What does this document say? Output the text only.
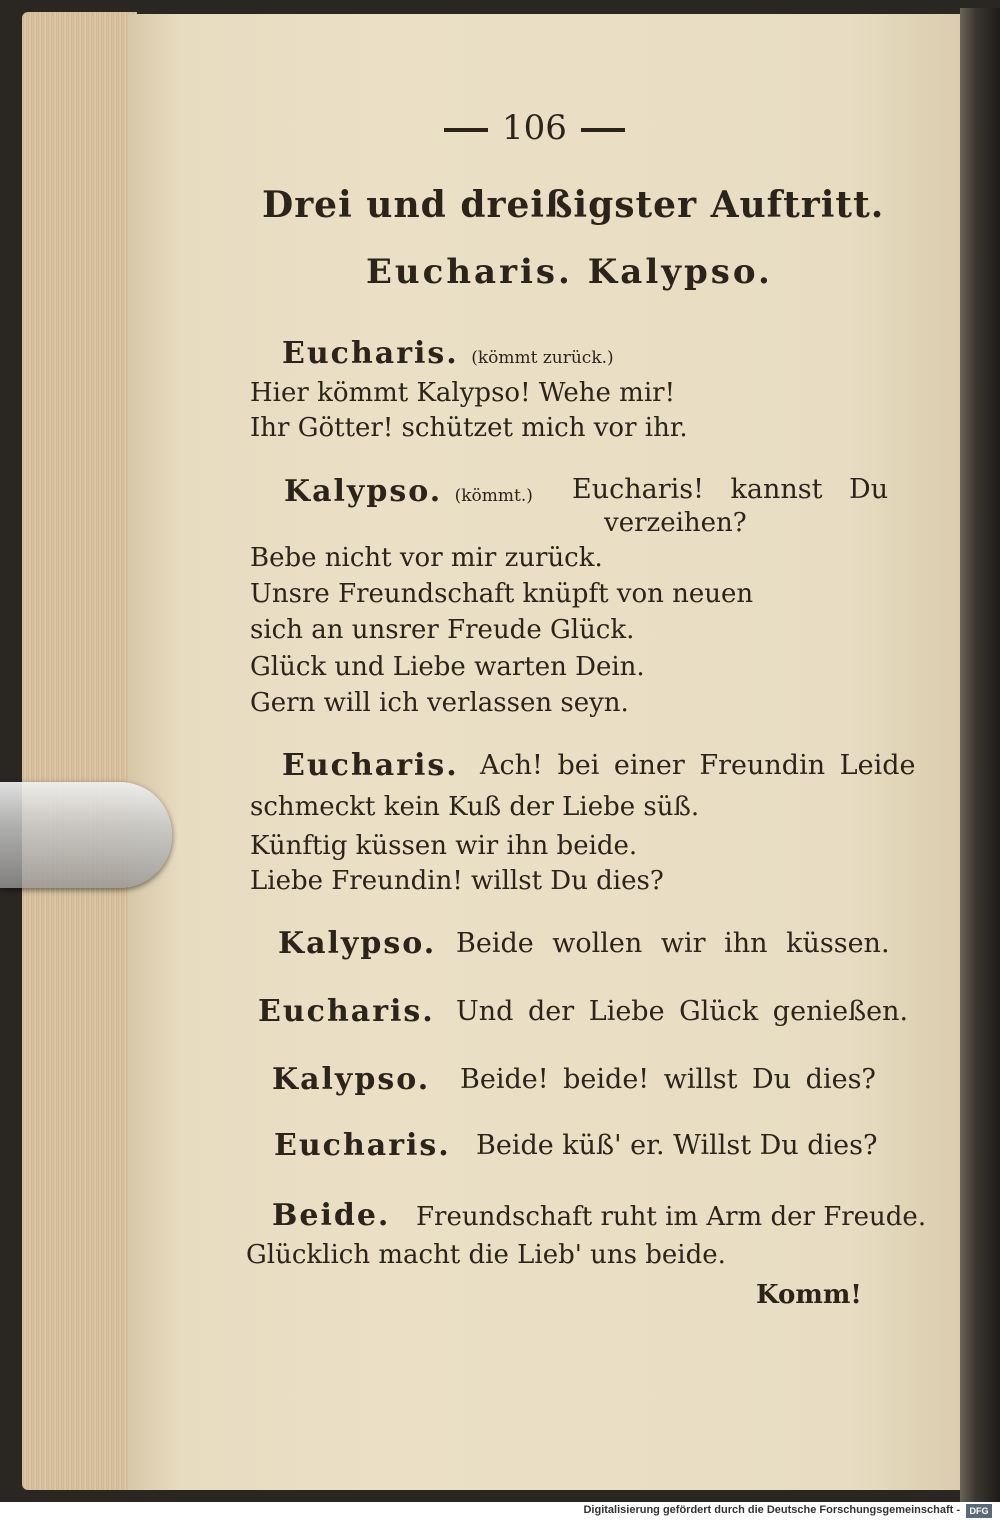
106
Drei und dreißigster Auftritt.
Eucharis. Kalypso.
Eucharis. (kömmt zurück.)
Hier kömmt Kalypso! Wehe mir!
Ihr Götter! schützet mich vor ihr.
Kalypso. (kömmt.) Eucharis! kannst Du
verzeihen?
Bebe nicht vor mir zurück.
Unsre Freundschaft knüpft von neuen
sich an unsrer Freude Glück.
Glück und Liebe warten Dein.
Gern will ich verlassen seyn.
Eucharis. Ach! bei einer Freundin Leide
schmeckt kein Kuß der Liebe süß.
Künftig küssen wir ihn beide.
Liebe Freundin! willst Du dies?
Kalypso. Beide wollen wir ihn küssen.
Eucharis. Und der Liebe Glück genießen.
Kalypso. Beide! beide! willst Du dies?
Eucharis. Beide küß' er. Willst Du dies?
Beide. Freundschaft ruht im Arm der Freude.
Glücklich macht die Lieb' uns beide.
Komm!
Digitalisierung gefördert durch die Deutsche Forschungsgemeinschaft -	DFG
